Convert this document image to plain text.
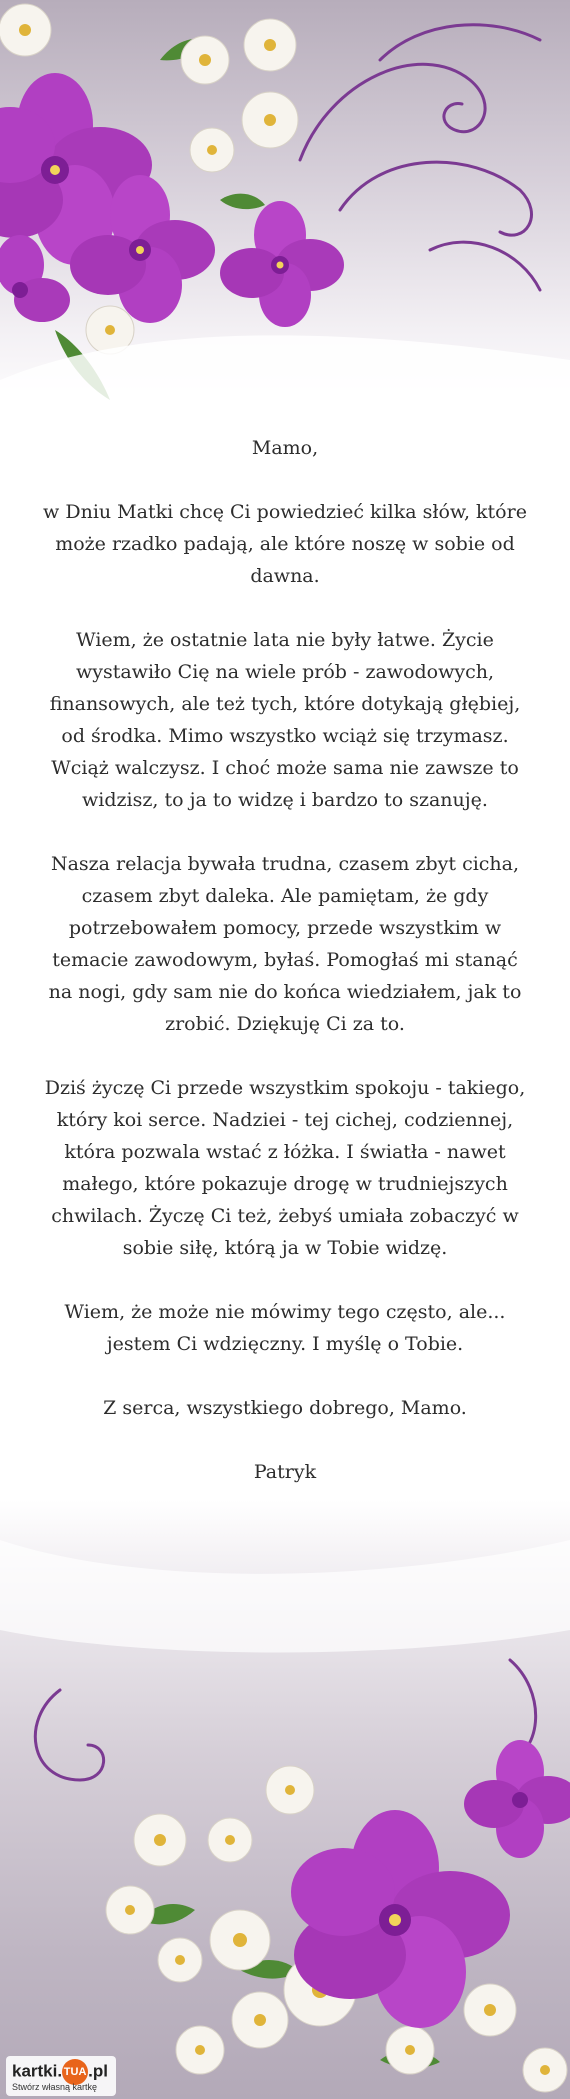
Mamo,

w Dniu Matki chcę Ci powiedzieć kilka słów, które może rzadko padają, ale które noszę w sobie od dawna.

Wiem, że ostatnie lata nie były łatwe. Życie wystawiło Cię na wiele prób - zawodowych, finansowych, ale też tych, które dotykają głębiej, od środka. Mimo wszystko wciąż się trzymasz. Wciąż walczysz. I choć może sama nie zawsze to widzisz, to ja to widzę i bardzo to szanuję.

Nasza relacja bywała trudna, czasem zbyt cicha, czasem zbyt daleka. Ale pamiętam, że gdy potrzebowałem pomocy, przede wszystkim w temacie zawodowym, byłaś. Pomogłaś mi stanąć na nogi, gdy sam nie do końca wiedziałem, jak to zrobić. Dziękuję Ci za to.

Dziś życzę Ci przede wszystkim spokoju - takiego, który koi serce. Nadziei - tej cichej, codziennej, która pozwala wstać z łóżka. I światła - nawet małego, które pokazuje drogę w trudniejszych chwilach. Życzę Ci też, żebyś umiała zobaczyć w sobie siłę, którą ja w Tobie widzę.

Wiem, że może nie mówimy tego często, ale... jestem Ci wdzięczny. I myślę o Tobie.

Z serca, wszystkiego dobrego, Mamo.

Patryk

kartki. TUA .pl
Stwórz własną kartkę
